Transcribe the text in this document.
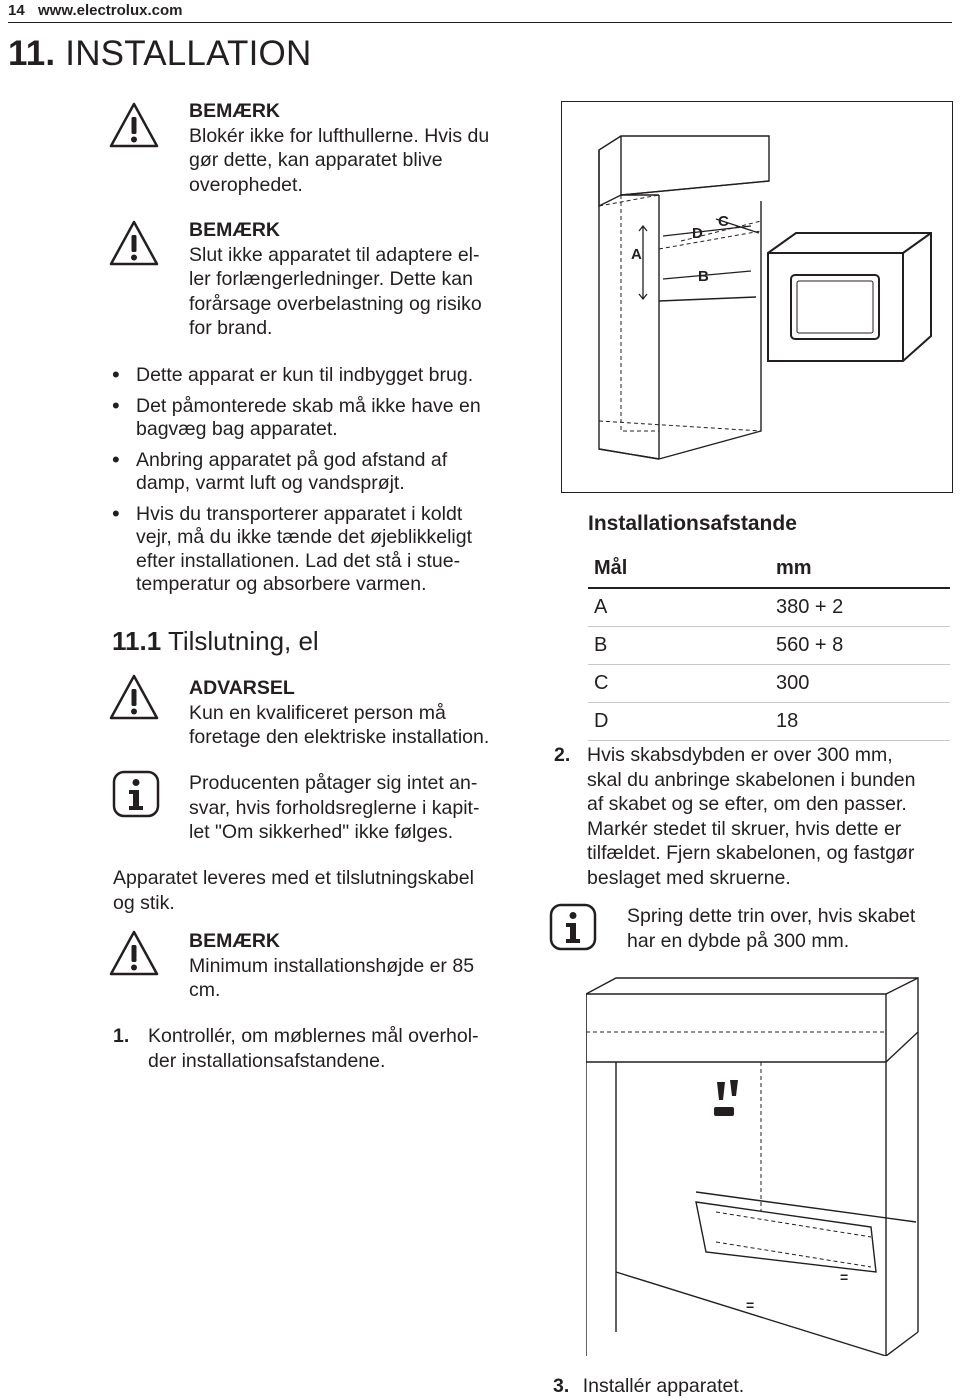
14 www.electrolux.com
11. INSTALLATION
BEMÆRK
Blokér ikke for lufthullerne. Hvis du
gør dette, kan apparatet blive
overophedet.
BEMÆRK
Slut ikke apparatet til adaptere el-
ler forlængerledninger. Dette kan
forårsage overbelastning og risiko
for brand.
• Dette apparat er kun til indbygget brug.
• Det påmonterede skab må ikke have en
bagvæg bag apparatet.
• Anbring apparatet på god afstand af
damp, varmt luft og vandsprøjt.
• Hvis du transporterer apparatet i koldt
vejr, må du ikke tænde det øjeblikkeligt
efter installationen. Lad det stå i stue-
temperatur og absorbere varmen.
11.1 Tilslutning, el
ADVARSEL
Kun en kvalificeret person må
foretage den elektriske installation.
Producenten påtager sig intet an-
svar, hvis forholdsreglerne i kapit-
let "Om sikkerhed" ikke følges.
Apparatet leveres med et tilslutningskabel
og stik.
BEMÆRK
Minimum installationshøjde er 85
cm.
1. Kontrollér, om møblernes mål overhol-
der installationsafstandene.
A
B
C
D
Installationsafstande
Mål	mm
A	380 + 2
B	560 + 8
C	300
D	18
2. Hvis skabsdybden er over 300 mm,
skal du anbringe skabelonen i bunden
af skabet og se efter, om den passer.
Markér stedet til skruer, hvis dette er
tilfældet. Fjern skabelonen, og fastgør
beslaget med skruerne.
Spring dette trin over, hvis skabet
har en dybde på 300 mm.
=
=
3. Installér apparatet.
